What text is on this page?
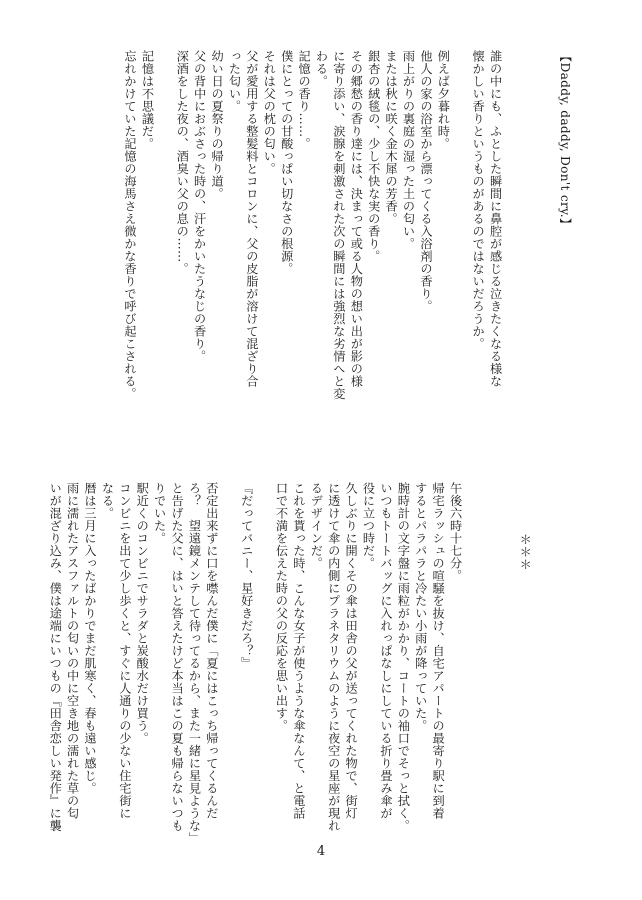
【Daddy, daddy, Don't cry.】

誰の中にも、ふとした瞬間に鼻腔が感じる泣きたくなる様な

懐かしい香りというものがあるのではないだろうか。

例えば夕暮れ時。

他人の家の浴室から漂ってくる入浴剤の香り。

雨上がりの裏庭の湿った土の匂い。

または秋に咲く金木犀の芳香。

銀杏の絨毯の、少し不快な実の香り。

その郷愁の香り達には、決まって或る人物の想い出が影の様

に寄り添い、涙腺を刺激された次の瞬間には強烈な劣情へと変

わる。

記憶の香り……。

僕にとっての甘酸っぱい切なさの根源。

それは父の枕の匂い。

父が愛用する整髪料とコロンに、父の皮脂が溶けて混ざり合

った匂い。

幼い日の夏祭りの帰り道。

父の背中におぶさった時の、汗をかいたうなじの香り。

深酒をした夜の、酒臭い父の息の……。

記憶は不思議だ。

忘れかけていた記憶の海馬さえ微かな香りで呼び起こされる。

＊＊＊

午後六時十七分。

帰宅ラッシュの喧騒を抜け、自宅アパートの最寄り駅に到着

するとパラパラと冷たい小雨が降っていた。

腕時計の文字盤に雨粒がかかり、コートの袖口でそっと拭く。

いつもトートバッグに入れっぱなしにしている折り畳み傘が

役に立つ時だ。

久しぶりに開くその傘は田舎の父が送ってくれた物で、街灯

に透けて傘の内側にプラネタリウムのように夜空の星座が現れ

るデザインだ。

これを貰った時、こんな女子が使うような傘なんて、と電話

口で不満を伝えた時の父の反応を思い出す。

『だってバニー、星好きだろ？』

否定出来ずに口を噤んだ僕に「夏にはこっち帰ってくるんだ

ろ？　望遠鏡メンテして待ってるから、また一緒に星見ような」

と告げた父に、はいと答えたけど本当はこの夏も帰らないつも

りでいた。

駅近くのコンビニでサラダと炭酸水だけ買う。

コンビニを出て少し歩くと、すぐに人通りの少ない住宅街に

なる。

暦は三月に入ったばかりでまだ肌寒く、春も遠い感じ。

雨に濡れたアスファルトの匂いの中に空き地の濡れた草の匂

いが混ざり込み、僕は途端にいつもの『田舎恋しい発作』に襲

4
